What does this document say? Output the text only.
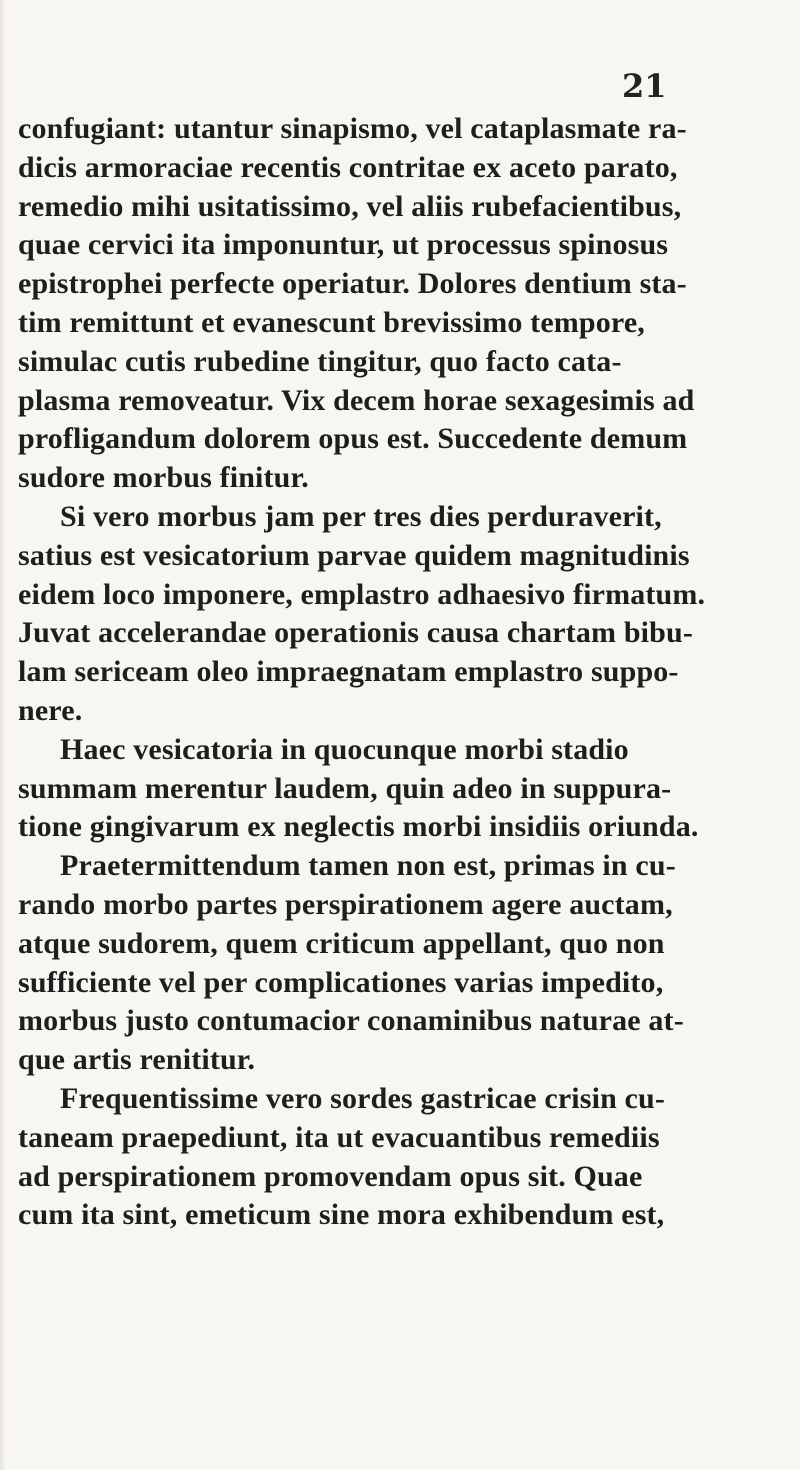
21
confugiant: utantur sinapismo, vel cataplasmate ra-
dicis armoraciae recentis contritae ex aceto parato,
remedio mihi usitatissimo, vel aliis rubefacientibus,
quae cervici ita imponuntur, ut processus spinosus
epistrophei perfecte operiatur. Dolores dentium sta-
tim remittunt et evanescunt brevissimo tempore,
simulac cutis rubedine tingitur, quo facto cata-
plasma removeatur. Vix decem horae sexagesimis ad
profligandum dolorem opus est. Succedente demum
sudore morbus finitur.
Si vero morbus jam per tres dies perduraverit,
satius est vesicatorium parvae quidem magnitudinis
eidem loco imponere, emplastro adhaesivo firmatum.
Juvat accelerandae operationis causa chartam bibu-
lam sericeam oleo impraegnatam emplastro suppo-
nere.
Haec vesicatoria in quocunque morbi stadio
summam merentur laudem, quin adeo in suppura-
tione gingivarum ex neglectis morbi insidiis oriunda.
Praetermittendum tamen non est, primas in cu-
rando morbo partes perspirationem agere auctam,
atque sudorem, quem criticum appellant, quo non
sufficiente vel per complicationes varias impedito,
morbus justo contumacior conaminibus naturae at-
que artis renititur.
Frequentissime vero sordes gastricae crisin cu-
taneam praepediunt, ita ut evacuantibus remediis
ad perspirationem promovendam opus sit. Quae
cum ita sint, emeticum sine mora exhibendum est,
